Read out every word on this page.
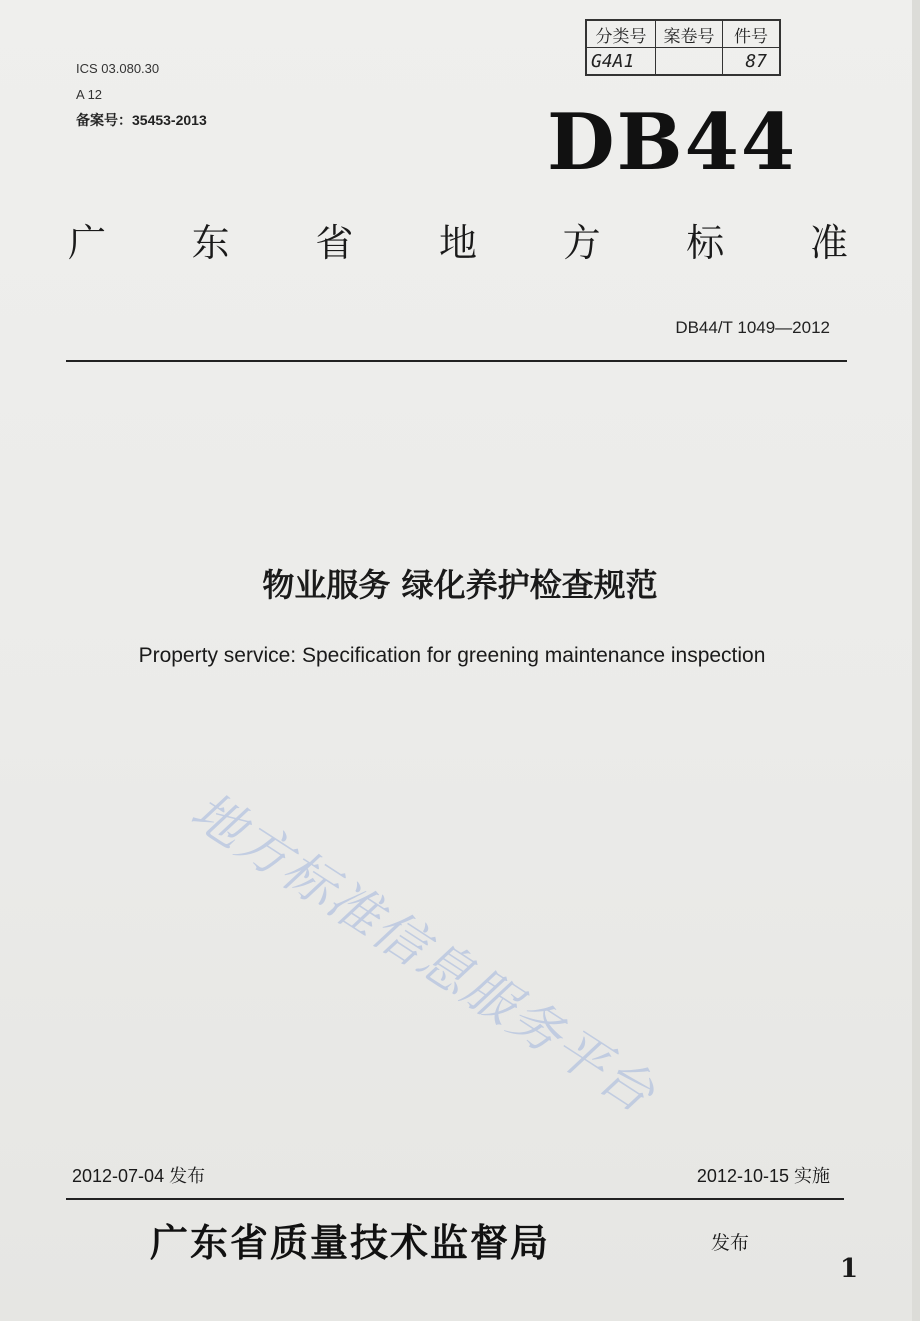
ICS 03.080.30
A 12
备案号：35453-2013
分类号	案卷号	件号
G4A1		87
DB44
广 东 省 地 方 标 准
DB44/T 1049—2012
物业服务 绿化养护检查规范
Property service: Specification for greening maintenance inspection
地方标准信息服务平台
2012-07-04 发布	2012-10-15 实施
广东省质量技术监督局	发布
1
